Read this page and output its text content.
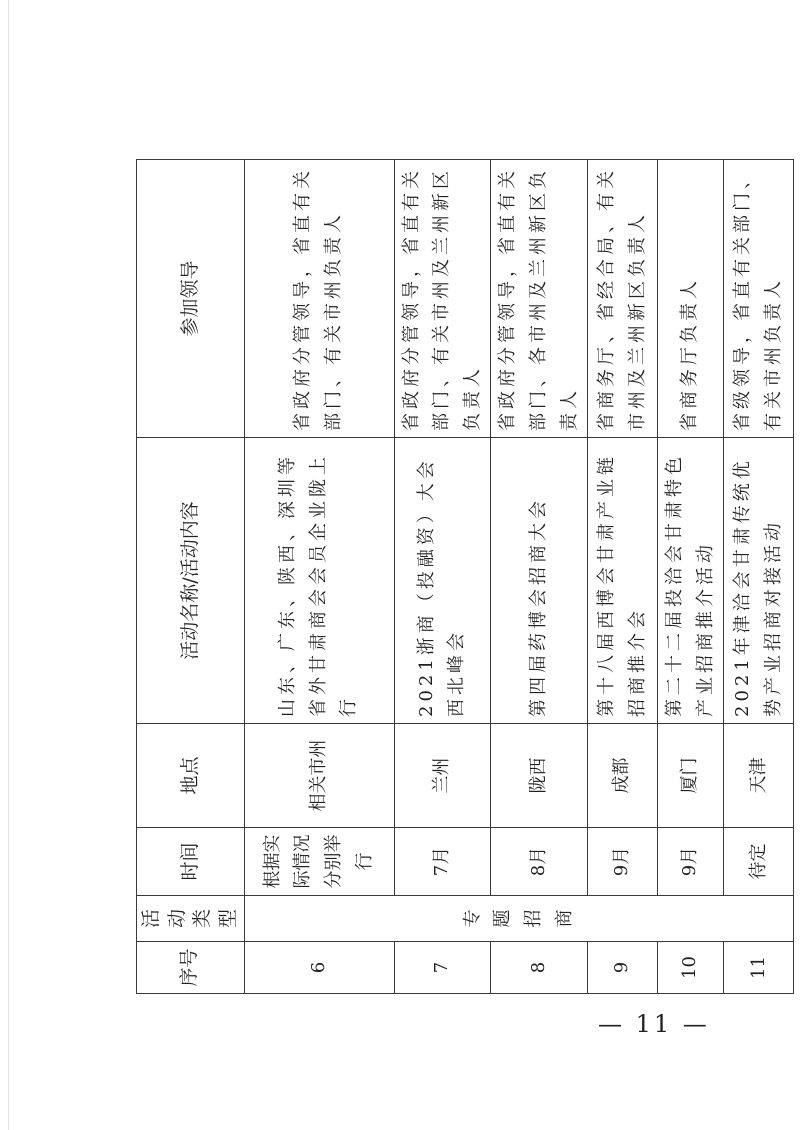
序号	活动类型	时间	地点	活动名称/活动内容	参加领导
6	专题招商	根据实际情况分别举行	相关市州	山东、广东、陕西、深圳等省外甘肃商会会员企业陇上行	省政府分管领导，省直有关部门、有关市州负责人
7		7月	兰州	2021浙商（投融资）大会西北峰会	省政府分管领导，省直有关部门、有关市州及兰州新区负责人
8		8月	陇西	第四届药博会招商大会	省政府分管领导，省直有关部门、各市州及兰州新区负责人
9		9月	成都	第十八届西博会甘肃产业链招商推介会	省商务厅、省经合局、有关市州及兰州新区负责人
10		9月	厦门	第二十二届投洽会甘肃特色产业招商推介活动	省商务厅负责人
11		待定	天津	2021年津洽会甘肃传统优势产业招商对接活动	省级领导，省直有关部门、有关市州负责人
— 11 —
